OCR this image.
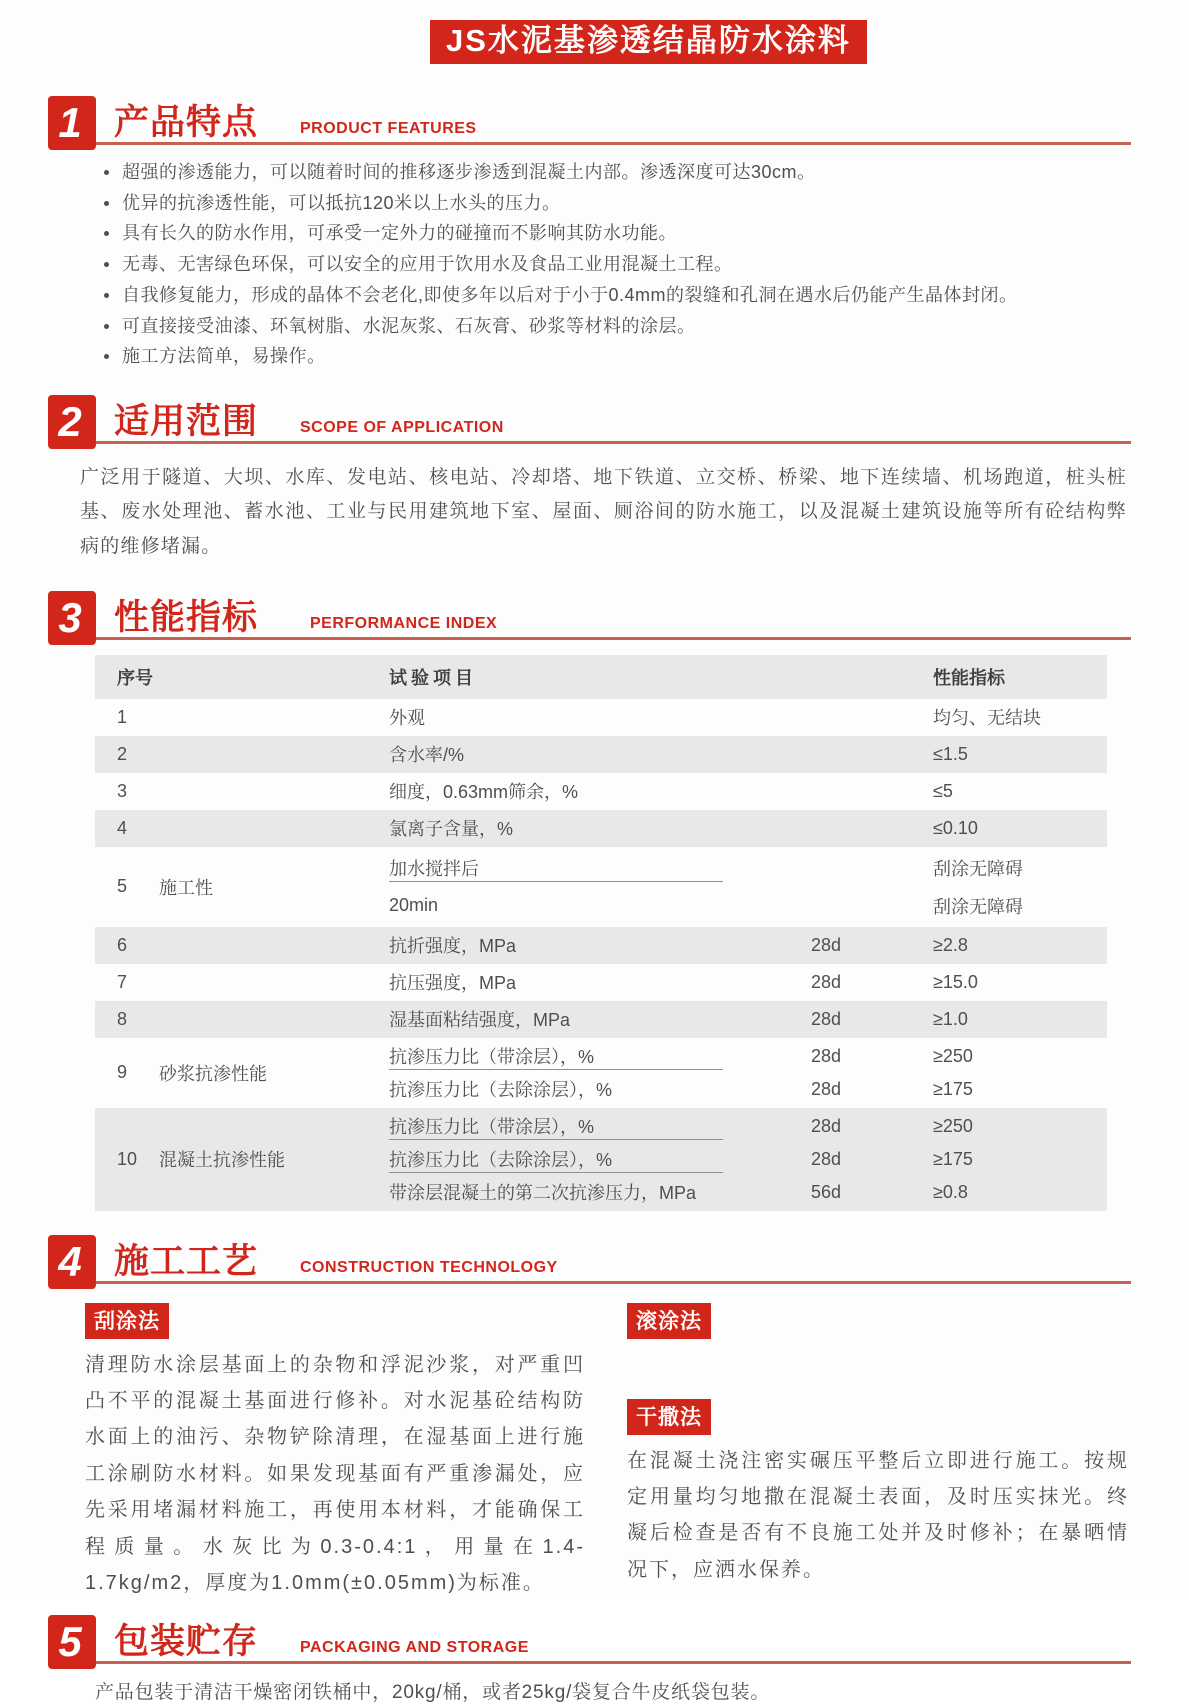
JS水泥基渗透结晶防水涂料
1 产品特点	PRODUCT FEATURES
超强的渗透能力，可以随着时间的推移逐步渗透到混凝土内部。渗透深度可达30cm。
优异的抗渗透性能，可以抵抗120米以上水头的压力。
具有长久的防水作用，可承受一定外力的碰撞而不影响其防水功能。
无毒、无害绿色环保，可以安全的应用于饮用水及食品工业用混凝土工程。
自我修复能力，形成的晶体不会老化,即使多年以后对于小于0.4mm的裂缝和孔洞在遇水后仍能产生晶体封闭。
可直接接受油漆、环氧树脂、水泥灰浆、石灰膏、砂浆等材料的涂层。
施工方法简单，易操作。
2 适用范围	SCOPE OF APPLICATION
广泛用于隧道、大坝、水库、发电站、核电站、冷却塔、地下铁道、立交桥、桥梁、地下连续墙、机场跑道，桩头桩基、废水处理池、蓄水池、工业与民用建筑地下室、屋面、厕浴间的防水施工，以及混凝土建筑设施等所有砼结构弊病的维修堵漏。
3 性能指标	PERFORMANCE INDEX
序号	试验项目	性能指标
1	外观	均匀、无结块
2	含水率/%	≤1.5
3	细度，0.63mm筛余，%	≤5
4	氯离子含量，%	≤0.10
5	施工性
加水搅拌后	刮涂无障碍
20min	刮涂无障碍
6	抗折强度，MPa	28d	≥2.8
7	抗压强度，MPa	28d	≥15.0
8	湿基面粘结强度，MPa	28d	≥1.0
9	砂浆抗渗性能
抗渗压力比（带涂层），%	28d	≥250
抗渗压力比（去除涂层），%	28d	≥175
10	混凝土抗渗性能
抗渗压力比（带涂层），%	28d	≥250
抗渗压力比（去除涂层），%	28d	≥175
带涂层混凝土的第二次抗渗压力，MPa	56d	≥0.8
4 施工工艺	CONSTRUCTION TECHNOLOGY
刮涂法
清理防水涂层基面上的杂物和浮泥沙浆，对严重凹凸不平的混凝土基面进行修补。对水泥基砼结构防水面上的油污、杂物铲除清理，在湿基面上进行施工涂刷防水材料。如果发现基面有严重渗漏处，应先采用堵漏材料施工，再使用本材料，才能确保工程质量。水灰比为0.3-0.4:1，用量在1.4-1.7kg/m2，厚度为1.0mm(±0.05mm)为标准。
滚涂法
干撒法
在混凝土浇注密实碾压平整后立即进行施工。按规定用量均匀地撒在混凝土表面，及时压实抹光。终凝后检查是否有不良施工处并及时修补；在暴晒情况下，应洒水保养。
5 包装贮存	PACKAGING AND STORAGE
产品包装于清洁干燥密闭铁桶中，20kg/桶，或者25kg/袋复合牛皮纸袋包装。
